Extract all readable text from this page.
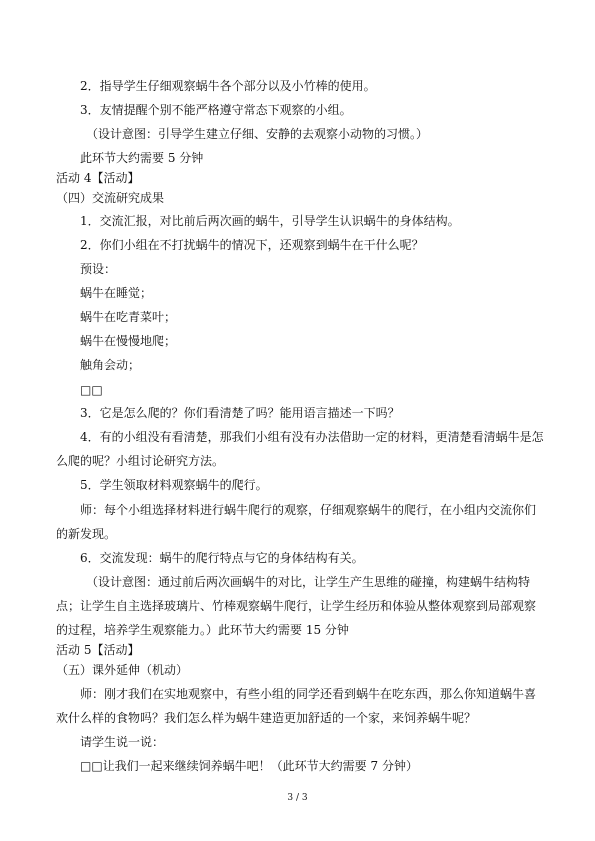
2．指导学生仔细观察蜗牛各个部分以及小竹棒的使用。
3．友情提醒个别不能严格遵守常态下观察的小组。
（设计意图：引导学生建立仔细、安静的去观察小动物的习惯。）
此环节大约需要 5 分钟
活动 4【活动】
（四）交流研究成果
1．交流汇报，对比前后两次画的蜗牛，引导学生认识蜗牛的身体结构。
2．你们小组在不打扰蜗牛的情况下，还观察到蜗牛在干什么呢？
预设：
蜗牛在睡觉；
蜗牛在吃青菜叶；
蜗牛在慢慢地爬；
触角会动；
□□
3．它是怎么爬的？你们看清楚了吗？能用语言描述一下吗？
4．有的小组没有看清楚，那我们小组有没有办法借助一定的材料，更清楚看清蜗牛是怎
么爬的呢？小组讨论研究方法。
5．学生领取材料观察蜗牛的爬行。
师：每个小组选择材料进行蜗牛爬行的观察，仔细观察蜗牛的爬行，在小组内交流你们
的新发现。
6．交流发现：蜗牛的爬行特点与它的身体结构有关。
（设计意图：通过前后两次画蜗牛的对比，让学生产生思维的碰撞，构建蜗牛结构特
点；让学生自主选择玻璃片、竹棒观察蜗牛爬行，让学生经历和体验从整体观察到局部观察
的过程，培养学生观察能力。）此环节大约需要 15 分钟
活动 5【活动】
（五）课外延伸（机动）
师：刚才我们在实地观察中，有些小组的同学还看到蜗牛在吃东西，那么你知道蜗牛喜
欢什么样的食物吗？我们怎么样为蜗牛建造更加舒适的一个家，来饲养蜗牛呢？
请学生说一说：
□□让我们一起来继续饲养蜗牛吧！（此环节大约需要 7 分钟）
3 / 3
